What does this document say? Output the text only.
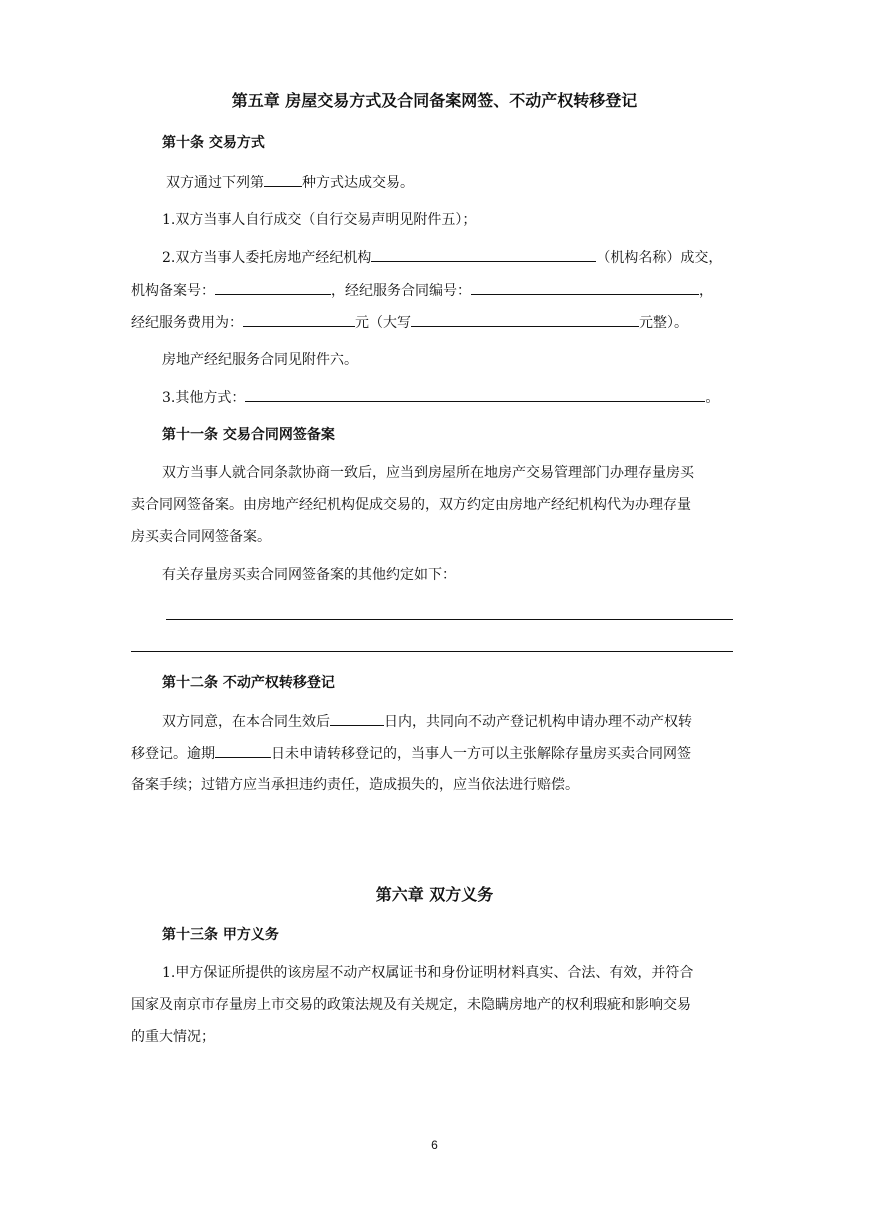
第五章 房屋交易方式及合同备案网签、不动产权转移登记
第十条 交易方式
双方通过下列第	种方式达成交易。
1.双方当事人自行成交（自行交易声明见附件五）；
2.双方当事人委托房地产经纪机构	（机构名称）成交，
机构备案号：	，经纪服务合同编号：	，
经纪服务费用为：	元（大写	元整）。
房地产经纪服务合同见附件六。
3.其他方式：	。
第十一条 交易合同网签备案
双方当事人就合同条款协商一致后，应当到房屋所在地房产交易管理部门办理存量房买
卖合同网签备案。由房地产经纪机构促成交易的，双方约定由房地产经纪机构代为办理存量
房买卖合同网签备案。
有关存量房买卖合同网签备案的其他约定如下：
第十二条 不动产权转移登记
双方同意，在本合同生效后	日内，共同向不动产登记机构申请办理不动产权转
移登记。逾期	日未申请转移登记的，当事人一方可以主张解除存量房买卖合同网签
备案手续；过错方应当承担违约责任，造成损失的，应当依法进行赔偿。
第六章 双方义务
第十三条 甲方义务
1.甲方保证所提供的该房屋不动产权属证书和身份证明材料真实、合法、有效，并符合
国家及南京市存量房上市交易的政策法规及有关规定，未隐瞒房地产的权利瑕疵和影响交易
的重大情况；
6
